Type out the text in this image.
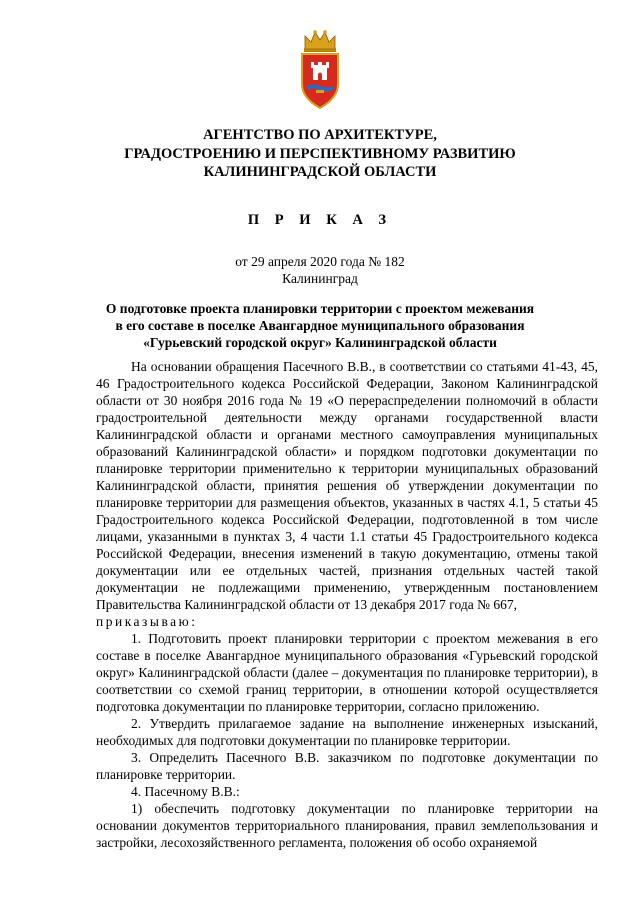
АГЕНТСТВО ПО АРХИТЕКТУРЕ,
ГРАДОСТРОЕНИЮ И ПЕРСПЕКТИВНОМУ РАЗВИТИЮ
КАЛИНИНГРАДСКОЙ ОБЛАСТИ
П Р И К А З
от 29 апреля 2020 года № 182
Калининград
О подготовке проекта планировки территории с проектом межевания
в его составе в поселке Авангардное муниципального образования
«Гурьевский городской округ» Калининградской области

На основании обращения Пасечного В.В., в соответствии со статьями 41-43, 45, 46 Градостроительного кодекса Российской Федерации, Законом Калининградской области от 30 ноября 2016 года № 19 «О перераспределении полномочий в области градостроительной деятельности между органами государственной власти Калининградской области и органами местного самоуправления муниципальных образований Калининградской области» и порядком подготовки документации по планировке территории применительно к территории муниципальных образований Калининградской области, принятия решения об утверждении документации по планировке территории для размещения объектов, указанных в частях 4.1, 5 статьи 45 Градостроительного кодекса Российской Федерации, подготовленной в том числе лицами, указанными в пунктах 3, 4 части 1.1 статьи 45 Градостроительного кодекса Российской Федерации, внесения изменений в такую документацию, отмены такой документации или ее отдельных частей, признания отдельных частей такой документации не подлежащими применению, утвержденным постановлением Правительства Калининградской области от 13 декабря 2017 года № 667,

приказываю:

1. Подготовить проект планировки территории с проектом межевания в его составе в поселке Авангардное муниципального образования «Гурьевский городской округ» Калининградской области (далее – документация по планировке территории), в соответствии со схемой границ территории, в отношении которой осуществляется подготовка документации по планировке территории, согласно приложению.

2. Утвердить прилагаемое задание на выполнение инженерных изысканий, необходимых для подготовки документации по планировке территории.

3. Определить Пасечного В.В. заказчиком по подготовке документации по планировке территории.

4. Пасечному В.В.:

1) обеспечить подготовку документации по планировке территории на основании документов территориального планирования, правил землепользования и застройки, лесохозяйственного регламента, положения об особо охраняемой
